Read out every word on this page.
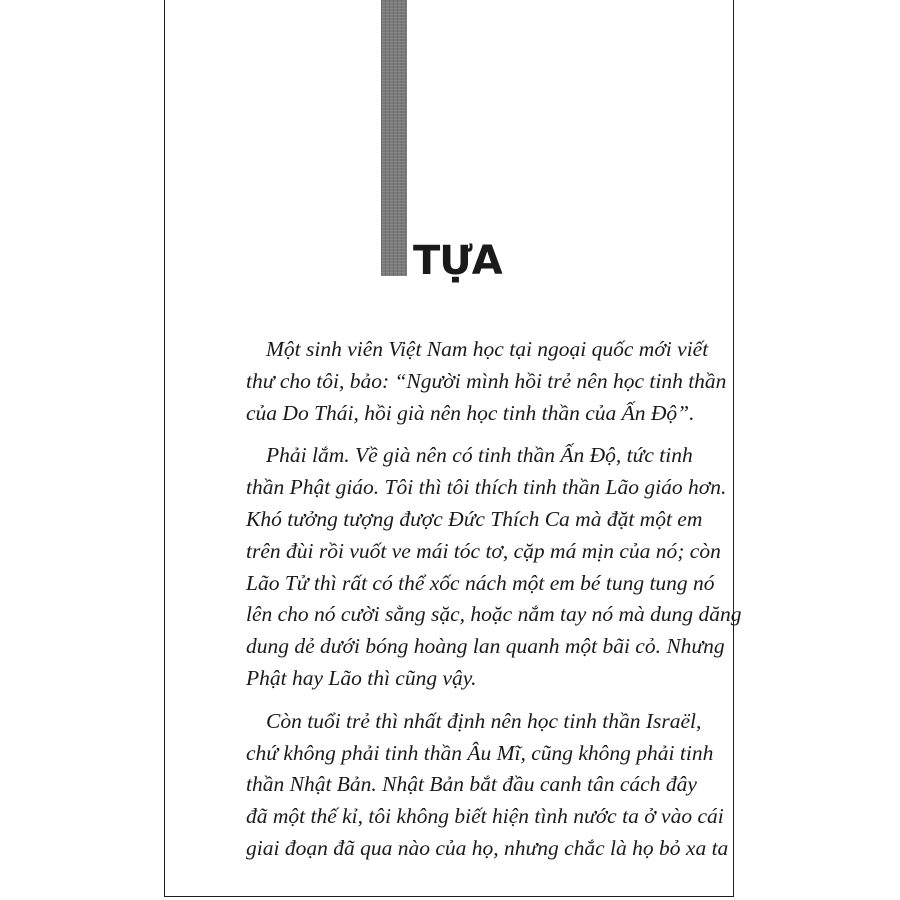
TỰA

Một sinh viên Việt Nam học tại ngoại quốc mới viết
thư cho tôi, bảo: “Người mình hồi trẻ nên học tinh thần
của Do Thái, hồi già nên học tinh thần của Ấn Độ”.

Phải lắm. Về già nên có tinh thần Ấn Độ, tức tinh
thần Phật giáo. Tôi thì tôi thích tinh thần Lão giáo hơn.
Khó tưởng tượng được Đức Thích Ca mà đặt một em
trên đùi rồi vuốt ve mái tóc tơ, cặp má mịn của nó; còn
Lão Tử thì rất có thể xốc nách một em bé tung tung nó
lên cho nó cười sằng sặc, hoặc nắm tay nó mà dung dăng
dung dẻ dưới bóng hoàng lan quanh một bãi cỏ. Nhưng
Phật hay Lão thì cũng vậy.

Còn tuổi trẻ thì nhất định nên học tinh thần Israël,
chứ không phải tinh thần Âu Mĩ, cũng không phải tinh
thần Nhật Bản. Nhật Bản bắt đầu canh tân cách đây
đã một thế kỉ, tôi không biết hiện tình nước ta ở vào cái
giai đoạn đã qua nào của họ, nhưng chắc là họ bỏ xa ta
